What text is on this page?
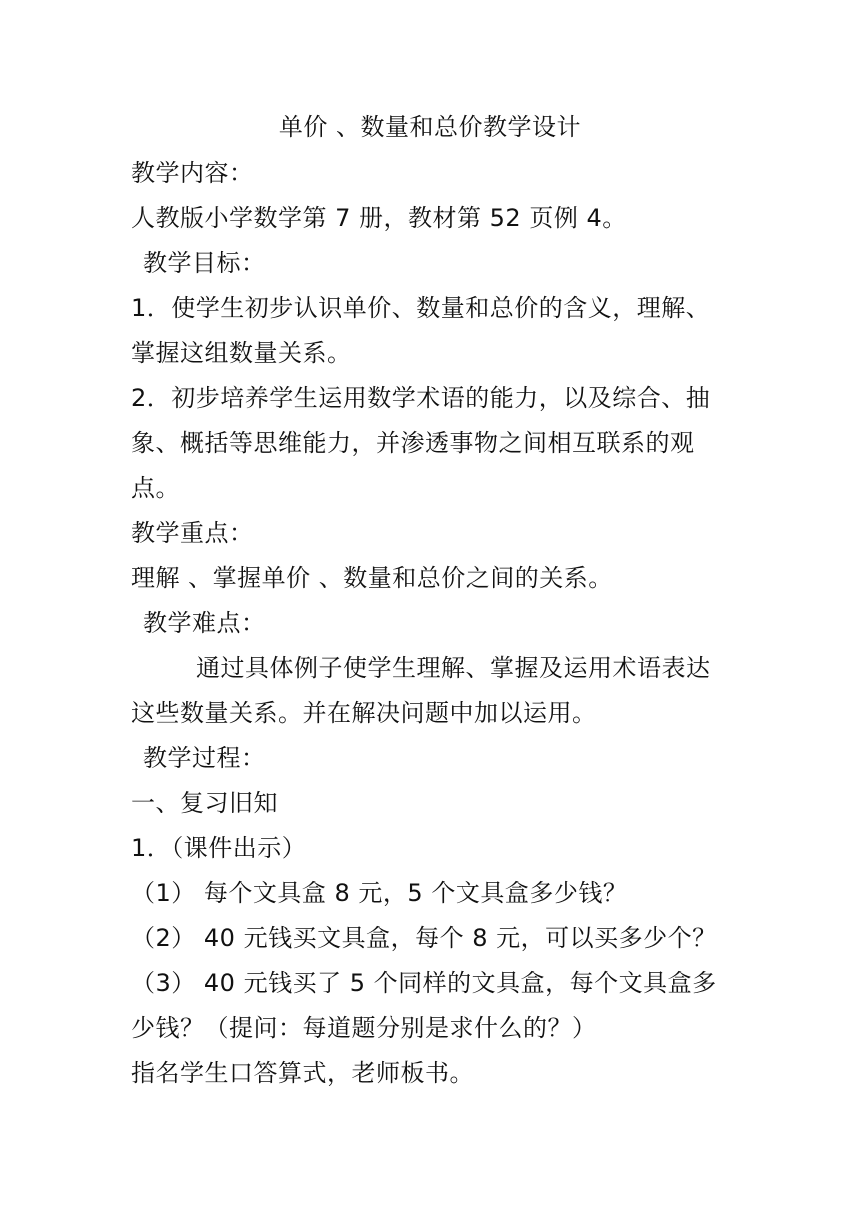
单价 、数量和总价教学设计
教学内容：
人教版小学数学第 7 册，教材第 52 页例 4。
教学目标：
1．使学生初步认识单价、数量和总价的含义，理解、
掌握这组数量关系。
2．初步培养学生运用数学术语的能力，以及综合、抽
象、概括等思维能力，并渗透事物之间相互联系的观
点。
教学重点：
理解 、掌握单价 、数量和总价之间的关系。
教学难点：
通过具体例子使学生理解、掌握及运用术语表达
这些数量关系。并在解决问题中加以运用。
教学过程：
一、复习旧知
1．（课件出示）
（1） 每个文具盒 8 元，5 个文具盒多少钱？
（2） 40 元钱买文具盒，每个 8 元，可以买多少个？
（3） 40 元钱买了 5 个同样的文具盒，每个文具盒多
少钱？（提问：每道题分别是求什么的？）
指名学生口答算式，老师板书。
